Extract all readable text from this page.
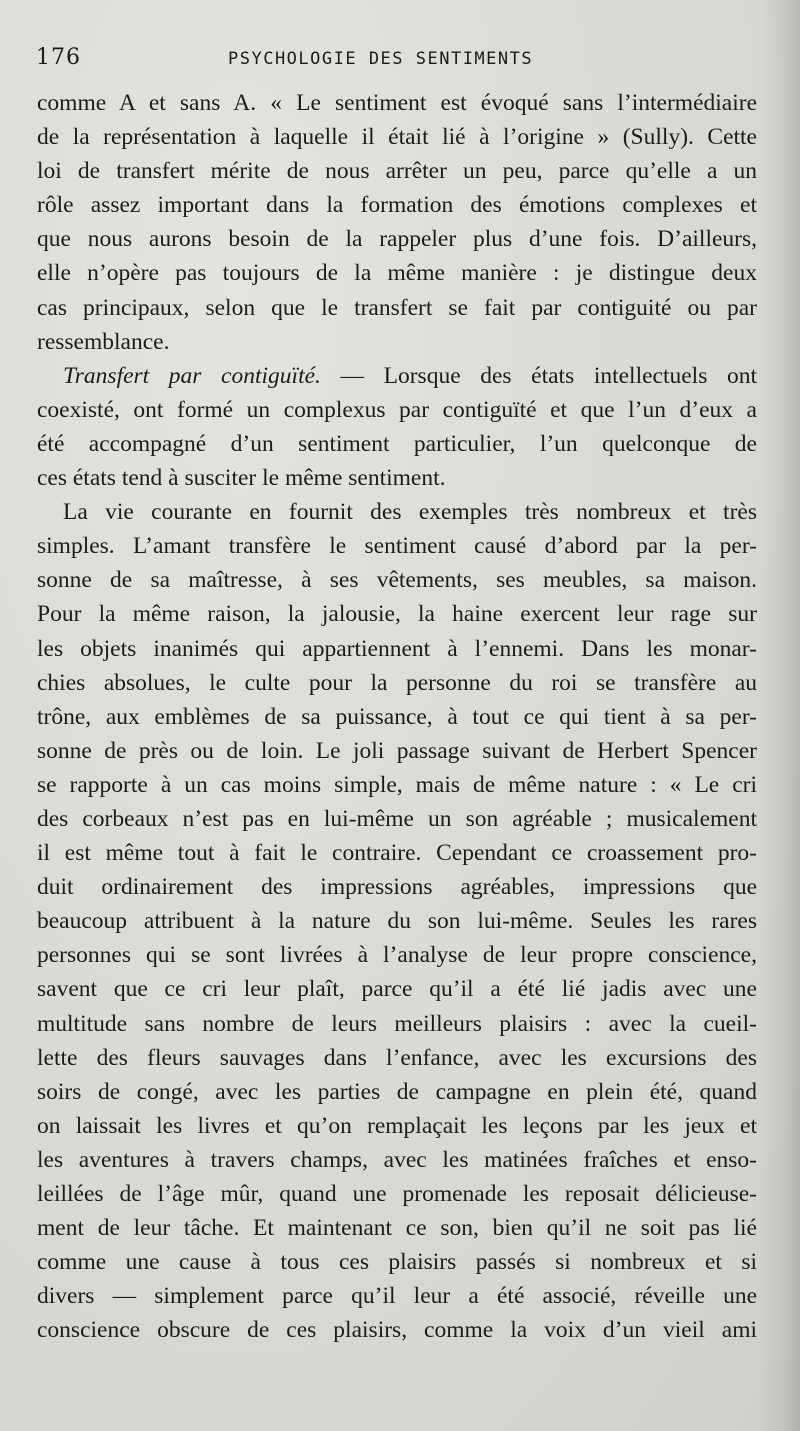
176	PSYCHOLOGIE DES SENTIMENTS
comme A et sans A. « Le sentiment est évoqué sans l’intermédiaire
de la représentation à laquelle il était lié à l’origine » (Sully). Cette
loi de transfert mérite de nous arrêter un peu, parce qu’elle a un
rôle assez important dans la formation des émotions complexes et
que nous aurons besoin de la rappeler plus d’une fois. D’ailleurs,
elle n’opère pas toujours de la même manière : je distingue deux
cas principaux, selon que le transfert se fait par contiguité ou par
ressemblance.
Transfert par contiguïté. — Lorsque des états intellectuels ont
coexisté, ont formé un complexus par contiguïté et que l’un d’eux a
été accompagné d’un sentiment particulier, l’un quelconque de
ces états tend à susciter le même sentiment.
La vie courante en fournit des exemples très nombreux et très
simples. L’amant transfère le sentiment causé d’abord par la per-
sonne de sa maîtresse, à ses vêtements, ses meubles, sa maison.
Pour la même raison, la jalousie, la haine exercent leur rage sur
les objets inanimés qui appartiennent à l’ennemi. Dans les monar-
chies absolues, le culte pour la personne du roi se transfère au
trône, aux emblèmes de sa puissance, à tout ce qui tient à sa per-
sonne de près ou de loin. Le joli passage suivant de Herbert Spencer
se rapporte à un cas moins simple, mais de même nature : « Le cri
des corbeaux n’est pas en lui-même un son agréable ; musicalement
il est même tout à fait le contraire. Cependant ce croassement pro-
duit ordinairement des impressions agréables, impressions que
beaucoup attribuent à la nature du son lui-même. Seules les rares
personnes qui se sont livrées à l’analyse de leur propre conscience,
savent que ce cri leur plaît, parce qu’il a été lié jadis avec une
multitude sans nombre de leurs meilleurs plaisirs : avec la cueil-
lette des fleurs sauvages dans l’enfance, avec les excursions des
soirs de congé, avec les parties de campagne en plein été, quand
on laissait les livres et qu’on remplaçait les leçons par les jeux et
les aventures à travers champs, avec les matinées fraîches et enso-
leillées de l’âge mûr, quand une promenade les reposait délicieuse-
ment de leur tâche. Et maintenant ce son, bien qu’il ne soit pas lié
comme une cause à tous ces plaisirs passés si nombreux et si
divers — simplement parce qu’il leur a été associé, réveille une
conscience obscure de ces plaisirs, comme la voix d’un vieil ami
